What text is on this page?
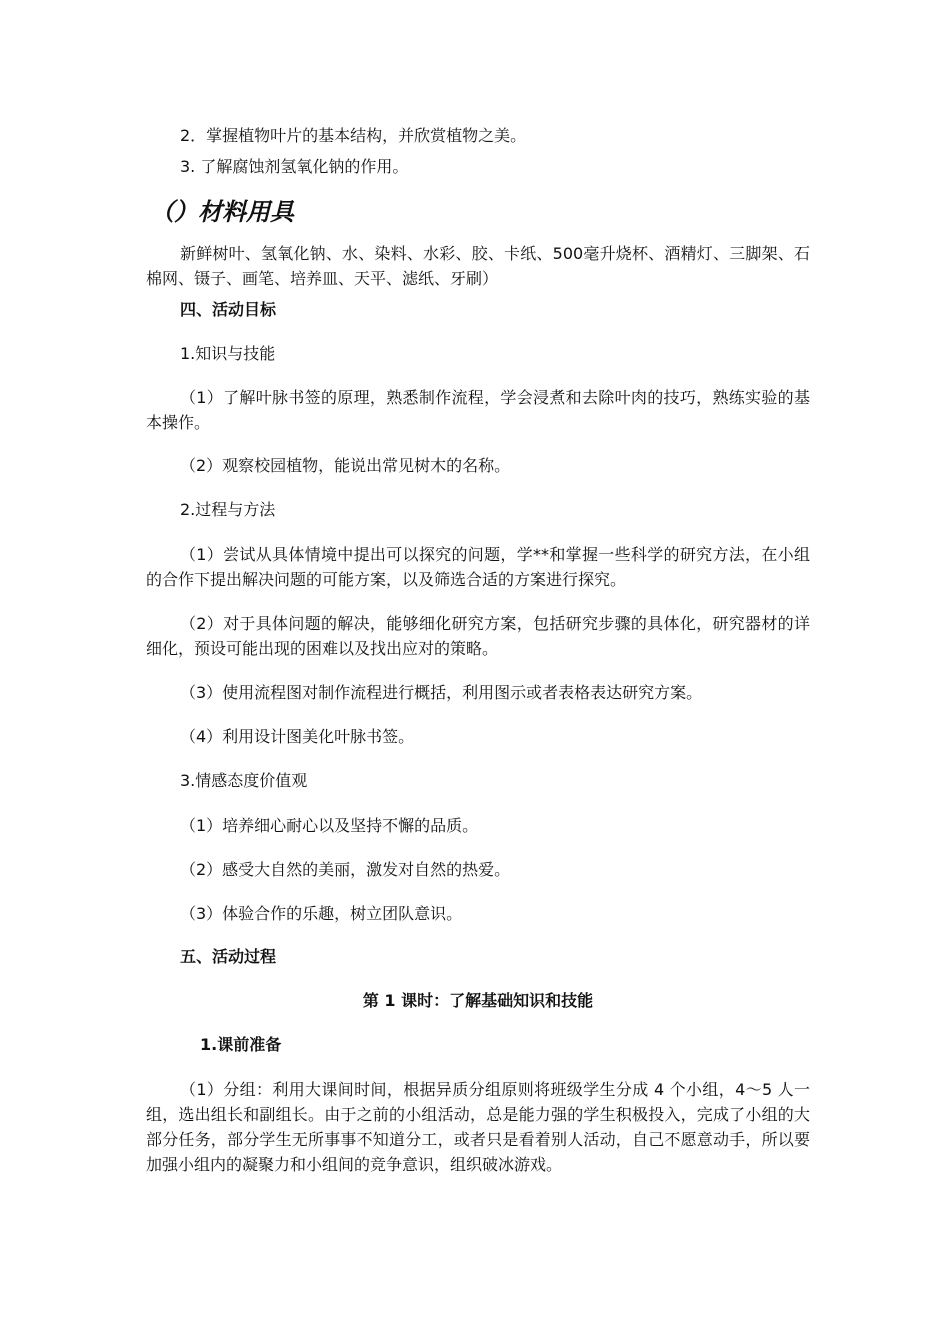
2．掌握植物叶片的基本结构，并欣赏植物之美。
3. 了解腐蚀剂氢氧化钠的作用。
（）材料用具
新鲜树叶、氢氧化钠、水、染料、水彩、胶、卡纸、500毫升烧杯、酒精灯、三脚架、石棉网、镊子、画笔、培养皿、天平、滤纸、牙刷）
四、活动目标
1.知识与技能
（1）了解叶脉书签的原理，熟悉制作流程，学会浸煮和去除叶肉的技巧，熟练实验的基本操作。
（2）观察校园植物，能说出常见树木的名称。
2.过程与方法
（1）尝试从具体情境中提出可以探究的问题，学**和掌握一些科学的研究方法，在小组的合作下提出解决问题的可能方案，以及筛选合适的方案进行探究。
（2）对于具体问题的解决，能够细化研究方案，包括研究步骤的具体化，研究器材的详细化，预设可能出现的困难以及找出应对的策略。
（3）使用流程图对制作流程进行概括，利用图示或者表格表达研究方案。
（4）利用设计图美化叶脉书签。
3.情感态度价值观
（1）培养细心耐心以及坚持不懈的品质。
（2）感受大自然的美丽，激发对自然的热爱。
（3）体验合作的乐趣，树立团队意识。
五、活动过程
第 1 课时：了解基础知识和技能
1.课前准备
（1）分组：利用大课间时间，根据异质分组原则将班级学生分成 4 个小组，4～5 人一组，选出组长和副组长。由于之前的小组活动，总是能力强的学生积极投入，完成了小组的大部分任务，部分学生无所事事不知道分工，或者只是看着别人活动，自己不愿意动手，所以要加强小组内的凝聚力和小组间的竞争意识，组织破冰游戏。
